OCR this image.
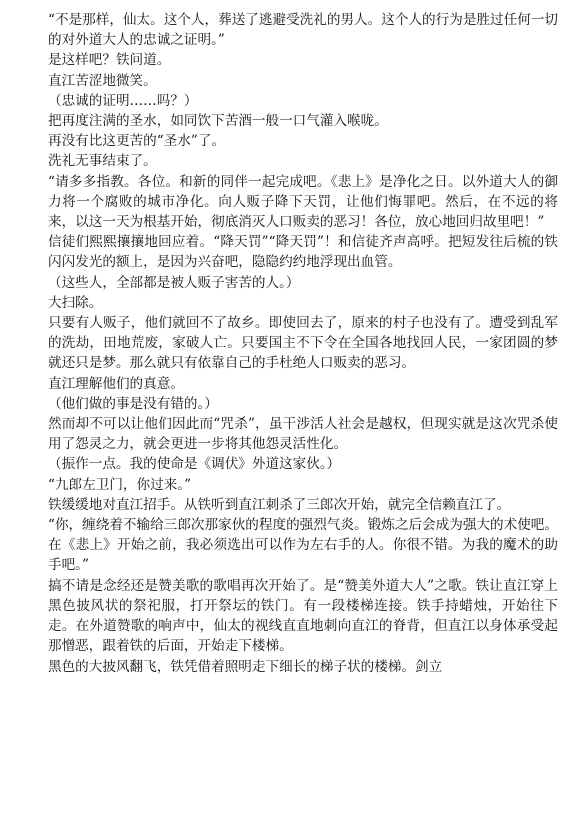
“不是那样，仙太。这个人，葬送了逃避受洗礼的男人。这个人的行为是胜过任何一切的对外道大人的忠诚之证明。”

是这样吧？铁问道。

直江苦涩地微笑。

（忠诚的证明……吗？）

把再度注满的圣水，如同饮下苦酒一般一口气灌入喉咙。

再没有比这更苦的“圣水”了。

洗礼无事结束了。

“请多多指教。各位。和新的同伴一起完成吧。《悲上》是净化之日。以外道大人的御力将一个腐败的城市净化。向人贩子降下天罚，让他们悔罪吧。然后，在不远的将来，以这一天为根基开始，彻底消灭人口贩卖的恶习！各位，放心地回归故里吧！”

信徒们熙熙攘攘地回应着。“降天罚”“降天罚”！和信徒齐声高呼。把短发往后梳的铁闪闪发光的额上，是因为兴奋吧，隐隐约约地浮现出血管。

（这些人，全部都是被人贩子害苦的人。）

大扫除。

只要有人贩子，他们就回不了故乡。即使回去了，原来的村子也没有了。遭受到乱军的洗劫，田地荒废，家破人亡。只要国主不下令在全国各地找回人民，一家团圆的梦就还只是梦。那么就只有依靠自己的手杜绝人口贩卖的恶习。

直江理解他们的真意。

（他们做的事是没有错的。）

然而却不可以让他们因此而“咒杀”，虽干涉活人社会是越权，但现实就是这次咒杀使用了怨灵之力，就会更进一步将其他怨灵活性化。

（振作一点。我的使命是《调伏》外道这家伙。）

“九郎左卫门，你过来。”

铁缓缓地对直江招手。从铁听到直江刺杀了三郎次开始，就完全信赖直江了。

“你，缠绕着不输给三郎次那家伙的程度的强烈气炎。锻炼之后会成为强大的术使吧。在《悲上》开始之前，我必须选出可以作为左右手的人。你很不错。为我的魔术的助手吧。”

搞不请是念经还是赞美歌的歌唱再次开始了。是“赞美外道大人”之歌。铁让直江穿上黑色披风状的祭祀服，打开祭坛的铁门。有一段楼梯连接。铁手持蜡烛，开始往下走。在外道赞歌的响声中，仙太的视线直直地刺向直江的脊背，但直江以身体承受起那憎恶，跟着铁的后面，开始走下楼梯。

黑色的大披风翻飞，铁凭借着照明走下细长的梯子状的楼梯。剑立
